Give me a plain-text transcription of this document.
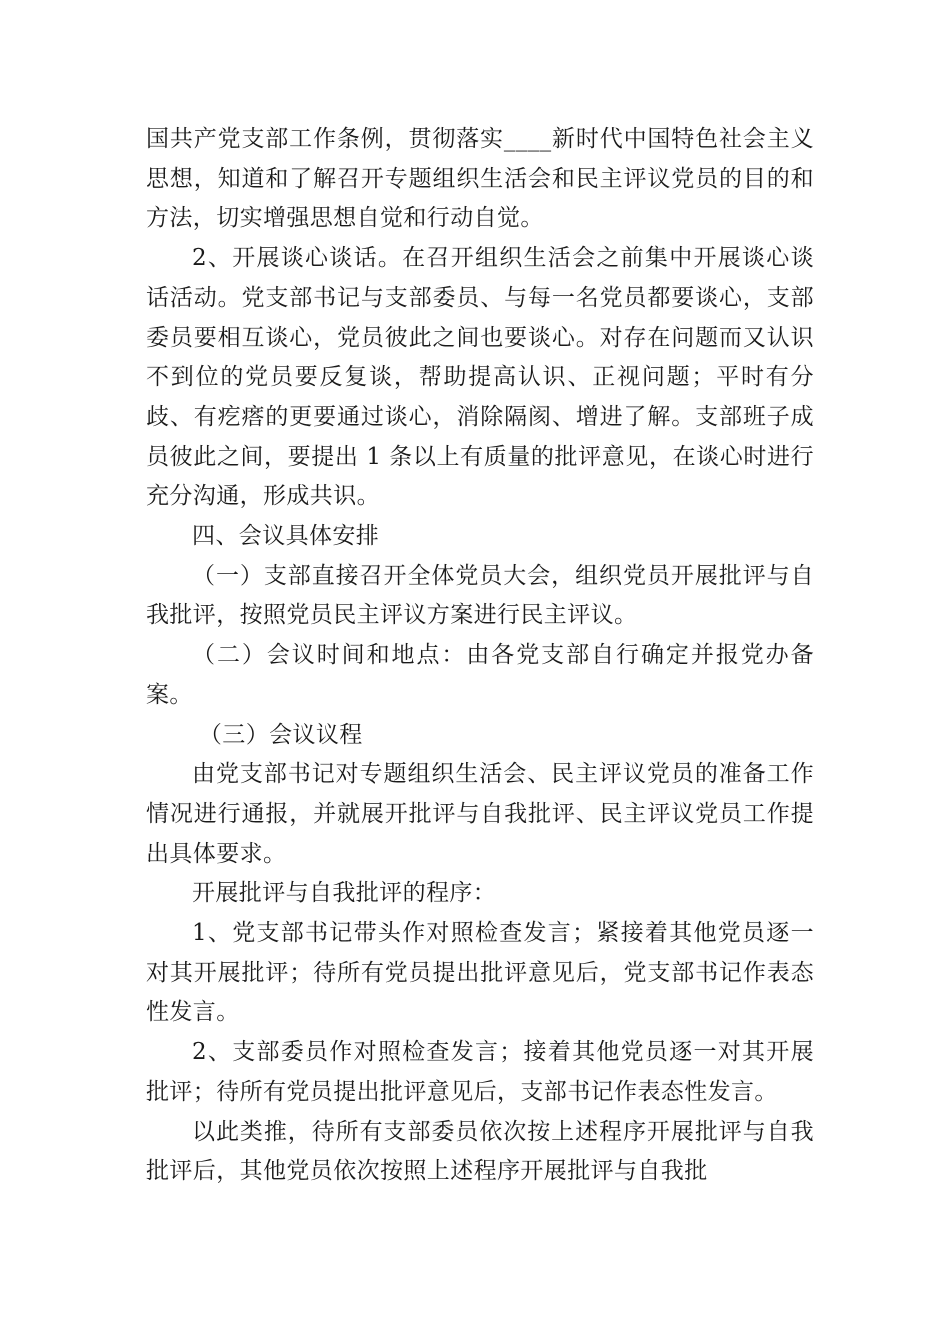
国共产党支部工作条例，贯彻落实____新时代中国特色社会主义思想，知道和了解召开专题组织生活会和民主评议党员的目的和方法，切实增强思想自觉和行动自觉。

2、开展谈心谈话。在召开组织生活会之前集中开展谈心谈话活动。党支部书记与支部委员、与每一名党员都要谈心，支部委员要相互谈心，党员彼此之间也要谈心。对存在问题而又认识不到位的党员要反复谈，帮助提高认识、正视问题；平时有分歧、有疙瘩的更要通过谈心，消除隔阂、增进了解。支部班子成员彼此之间，要提出 1 条以上有质量的批评意见，在谈心时进行充分沟通，形成共识。

四、会议具体安排

（一）支部直接召开全体党员大会，组织党员开展批评与自我批评，按照党员民主评议方案进行民主评议。

（二）会议时间和地点：由各党支部自行确定并报党办备案。

（三）会议议程

由党支部书记对专题组织生活会、民主评议党员的准备工作情况进行通报，并就展开批评与自我批评、民主评议党员工作提出具体要求。

开展批评与自我批评的程序：

1、党支部书记带头作对照检查发言；紧接着其他党员逐一对其开展批评；待所有党员提出批评意见后，党支部书记作表态性发言。

2、支部委员作对照检查发言；接着其他党员逐一对其开展批评；待所有党员提出批评意见后，支部书记作表态性发言。

以此类推，待所有支部委员依次按上述程序开展批评与自我批评后，其他党员依次按照上述程序开展批评与自我批
